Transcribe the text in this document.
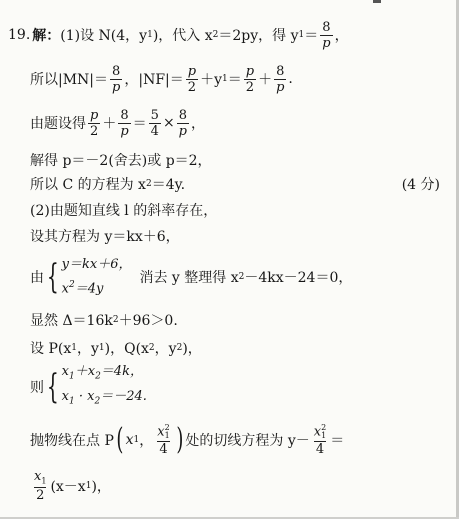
19. 解： (1)设 N(4，y 1 )，代入 x 2 ＝2py，得 y $1 = \frac{8}{p}$ ，
所以$|MN|= \frac{8}{p}$ ，$|NF|= \frac{p}{2} +y$ $1 = \frac{p}{2} + \frac{8}{p}$ .
由题设得 $\frac{p}{2} + \frac{8}{p} = \frac{5}{4} \times \frac{8}{p}$ ，
解得 p＝－2(舍去)或 p＝2，
所以 C 的方程为 x 2 ＝4y.	(4 分)
(2)由题知直线 l 的斜率存在，
设其方程为 y＝kx＋6，
由 { y＝kx＋6，
$x^2=4y$
消去 y 整理得 x 2 －4kx－24＝0，
显然 Δ＝16k 2 ＋96＞0.
设 P(x 1 ，y 1 )，Q(x 2 ，y 2 )，
则 { $x_1+x_2=4k$，
$x_1 \cdot x_2=-24$.
抛物线在点 P ( x 1 ， x 2
1
4 ) 处的切线方程为 y－ x 2
1
4 ＝
$\frac{x_1}{2} (x-x$ 1 )，
